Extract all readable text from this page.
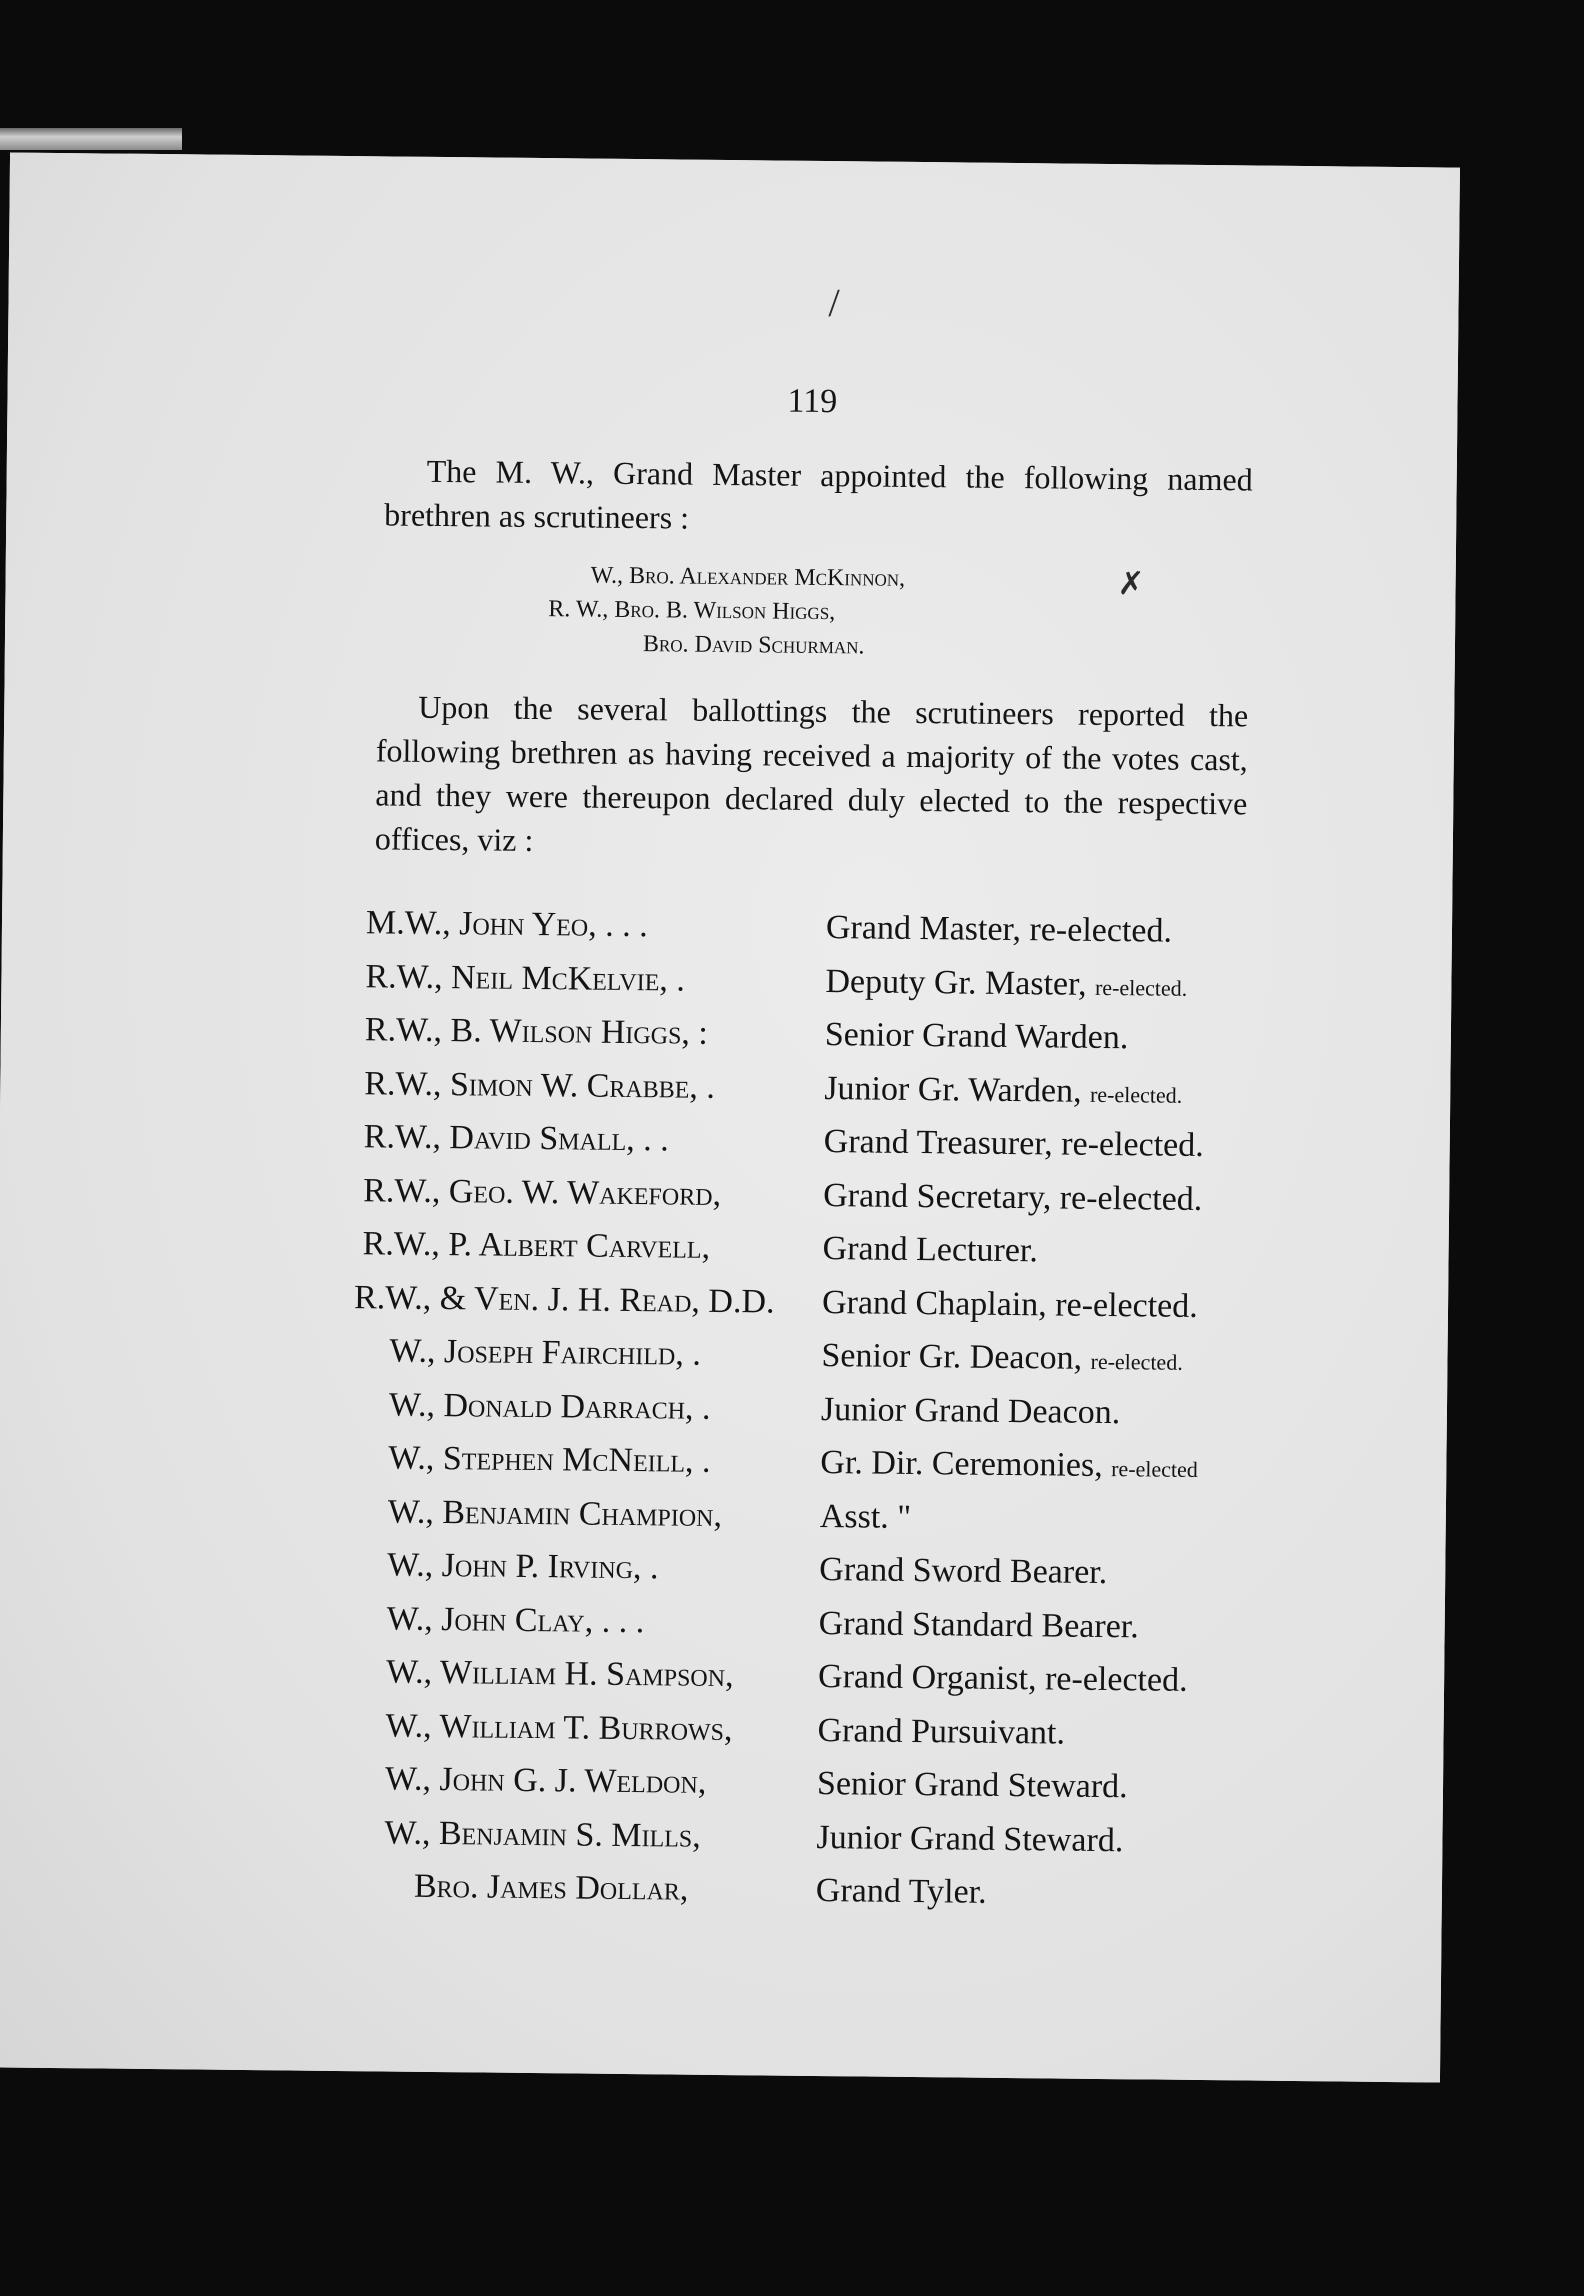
/
✗
119

The M. W., Grand Master appointed the following named brethren as scrutineers :

W., Bro. Alexander McKinnon,
R. W., Bro. B. Wilson Higgs,
Bro. David Schurman.

Upon the several ballottings the scrutineers reported the following brethren as having received a majority of the votes cast, and they were thereupon declared duly elected to the respective offices, viz :

M.W., John Yeo, . . .	Grand Master, re-elected.
R.W., Neil McKelvie, .	Deputy Gr. Master, re-elected.
R.W., B. Wilson Higgs, :	Senior Grand Warden.
R.W., Simon W. Crabbe, .	Junior Gr. Warden, re-elected.
R.W., David Small, . .	Grand Treasurer, re-elected.
R.W., Geo. W. Wakeford,	Grand Secretary, re-elected.
R.W., P. Albert Carvell,	Grand Lecturer.
R.W., & Ven. J. H. Read, D.D. Grand Chaplain, re-elected.
W., Joseph Fairchild, .	Senior Gr. Deacon, re-elected.
W., Donald Darrach, .	Junior Grand Deacon.
W., Stephen McNeill, .	Gr. Dir. Ceremonies, re-elected
W., Benjamin Champion,	Asst. "
W., John P. Irving, .	Grand Sword Bearer.
W., John Clay, . . .	Grand Standard Bearer.
W., William H. Sampson, Grand Organist, re-elected.
W., William T. Burrows, Grand Pursuivant.
W., John G. J. Weldon,	Senior Grand Steward.
W., Benjamin S. Mills,	Junior Grand Steward.
Bro. James Dollar,	Grand Tyler.
